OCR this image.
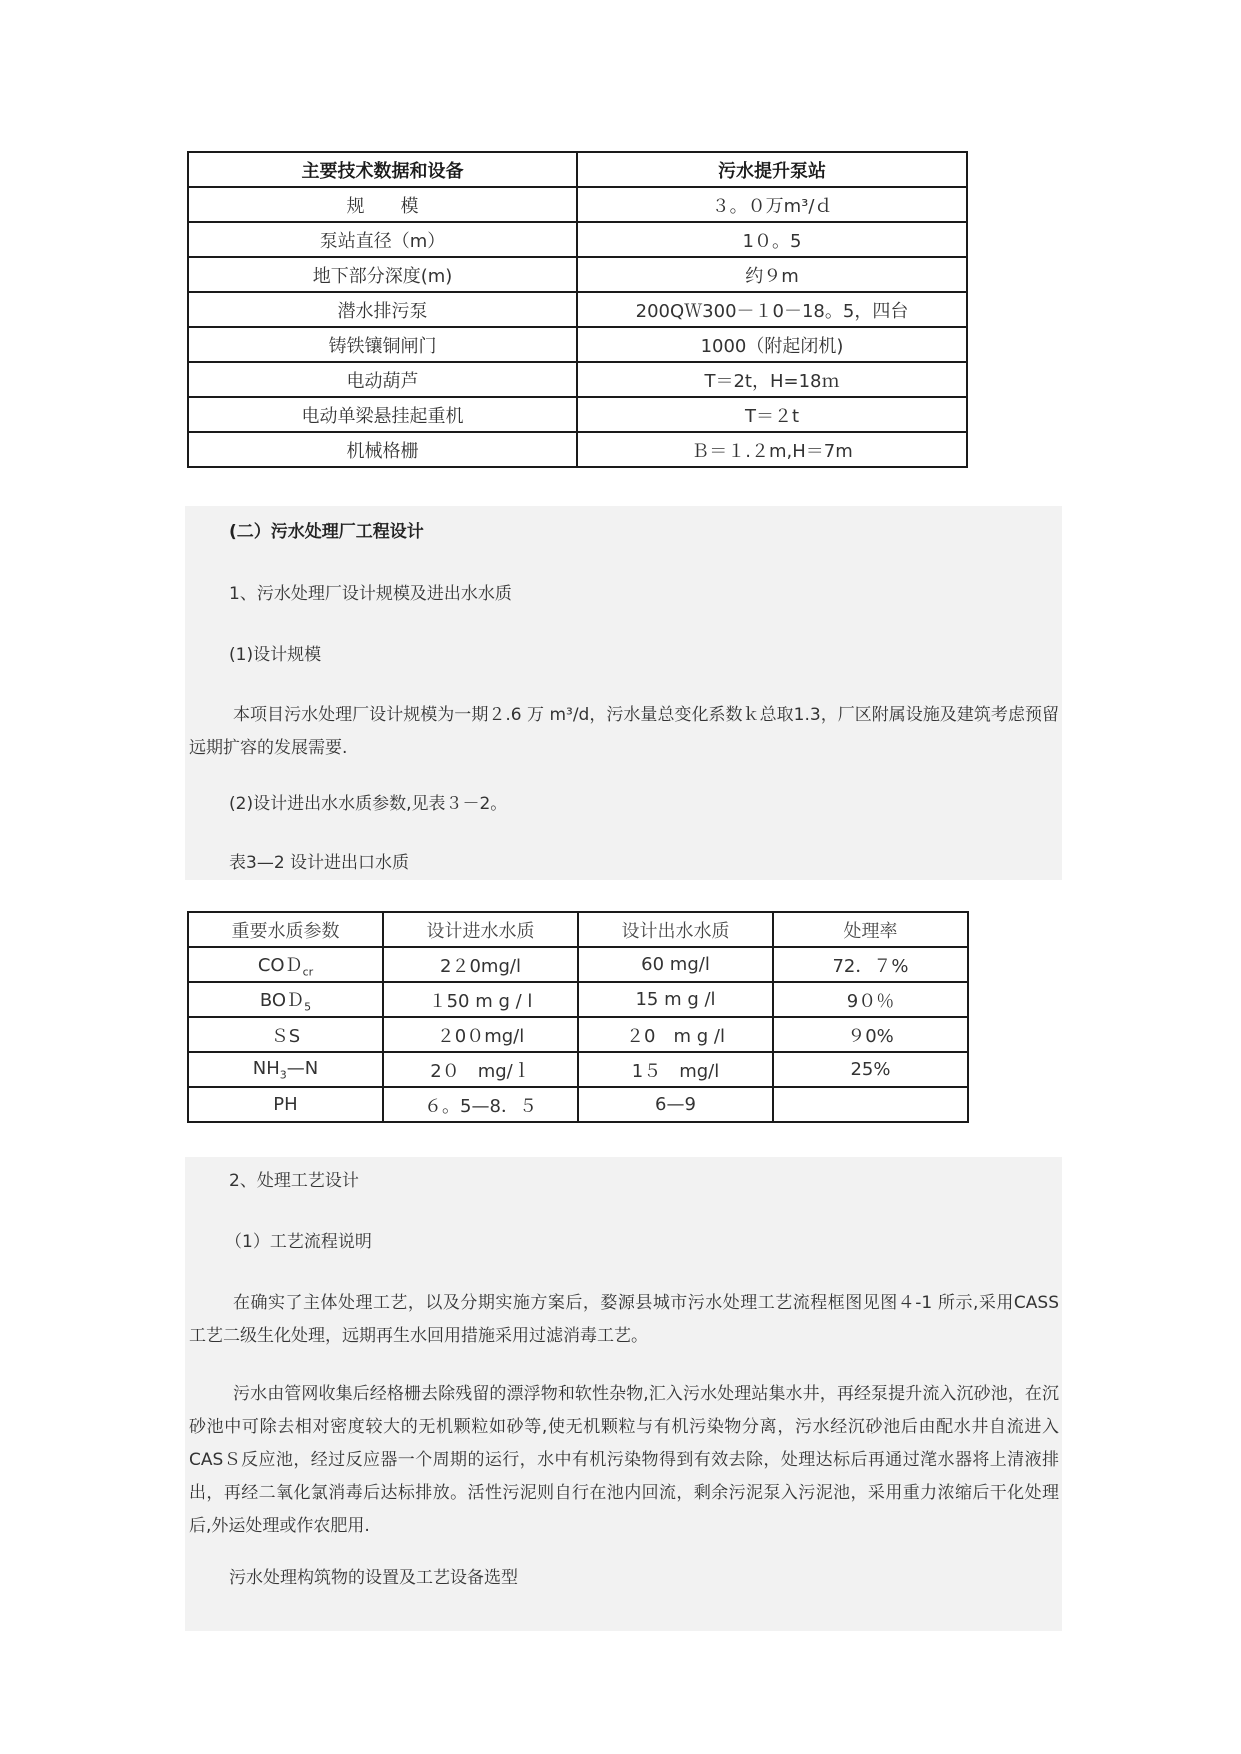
主要技术数据和设备	污水提升泵站
规　　模	３。０万m³/ｄ
泵站直径（m）	1０。5
地下部分深度(m)	约９m
潜水排污泵	200QＷ300－１0－18。5，四台
铸铁镶铜闸门	1000（附起闭机)
电动葫芦	T＝2t，H=18ｍ
电动单梁悬挂起重机	T＝２t
机械格栅	Ｂ＝１.２m,H＝7m
(二）污水处理厂工程设计
1、污水处理厂设计规模及进出水水质
(1)设计规模
本项目污水处理厂设计规模为一期２.6 万 m³/d，污水量总变化系数ｋ总取1.3，厂区附属设施及建筑考虑预留远期扩容的发展需要.
(2)设计进出水水质参数,见表３－2。
表3—2 设计进出口水质
重要水质参数	设计进水水质	设计出水水质	处理率
COＤ$_{cr}$	2２0mg/l	60 mg/l	72．７%
BOＤ$_5$	１50 m g / l	15 m g /l	9０％
ＳS	２0０mg/l	２0　m g /l	９0%
$NH_3—N$	2０　mg/ｌ	1５　mg/l	25%
PH	６。5—8．５	6—9	
2、处理工艺设计
（1）工艺流程说明
在确实了主体处理工艺，以及分期实施方案后，婺源县城市污水处理工艺流程框图见图４-1 所示,采用CASS 工艺二级生化处理，远期再生水回用措施采用过滤消毒工艺。
污水由管网收集后经格栅去除残留的漂浮物和软性杂物,汇入污水处理站集水井，再经泵提升流入沉砂池，在沉砂池中可除去相对密度较大的无机颗粒如砂等,使无机颗粒与有机污染物分离，污水经沉砂池后由配水井自流进入CASＳ反应池，经过反应器一个周期的运行，水中有机污染物得到有效去除，处理达标后再通过滗水器将上清液排出，再经二氧化氯消毒后达标排放。活性污泥则自行在池内回流，剩余污泥泵入污泥池，采用重力浓缩后干化处理后,外运处理或作农肥用.
污水处理构筑物的设置及工艺设备选型
